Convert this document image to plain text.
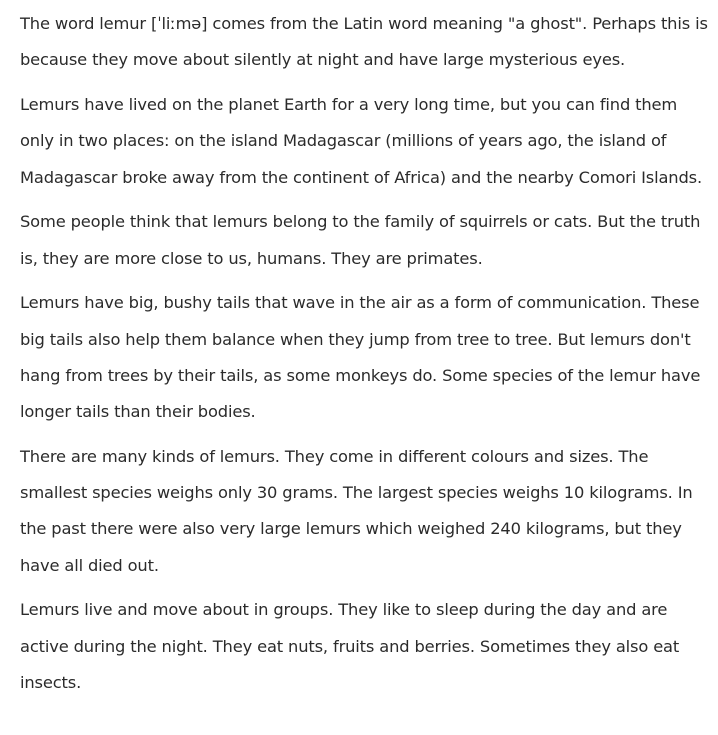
The word lemur [ˈliːmə] comes from the Latin word meaning "a ghost". Perhaps this is because they move about silently at night and have large mysterious eyes.

Lemurs have lived on the planet Earth for a very long time, but you can find them only in two places: on the island Madagascar (millions of years ago, the island of Madagascar broke away from the continent of Africa) and the nearby Comori Islands.

Some people think that lemurs belong to the family of squirrels or cats. But the truth is, they are more close to us, humans. They are primates.

Lemurs have big, bushy tails that wave in the air as a form of communication. These big tails also help them balance when they jump from tree to tree. But lemurs don't hang from trees by their tails, as some monkeys do. Some species of the lemur have longer tails than their bodies.

There are many kinds of lemurs. They come in different colours and sizes. The smallest species weighs only 30 grams. The largest species weighs 10 kilograms. In the past there were also very large lemurs which weighed 240 kilograms, but they have all died out.

Lemurs live and move about in groups. They like to sleep during the day and are active during the night. They eat nuts, fruits and berries. Sometimes they also eat insects.
